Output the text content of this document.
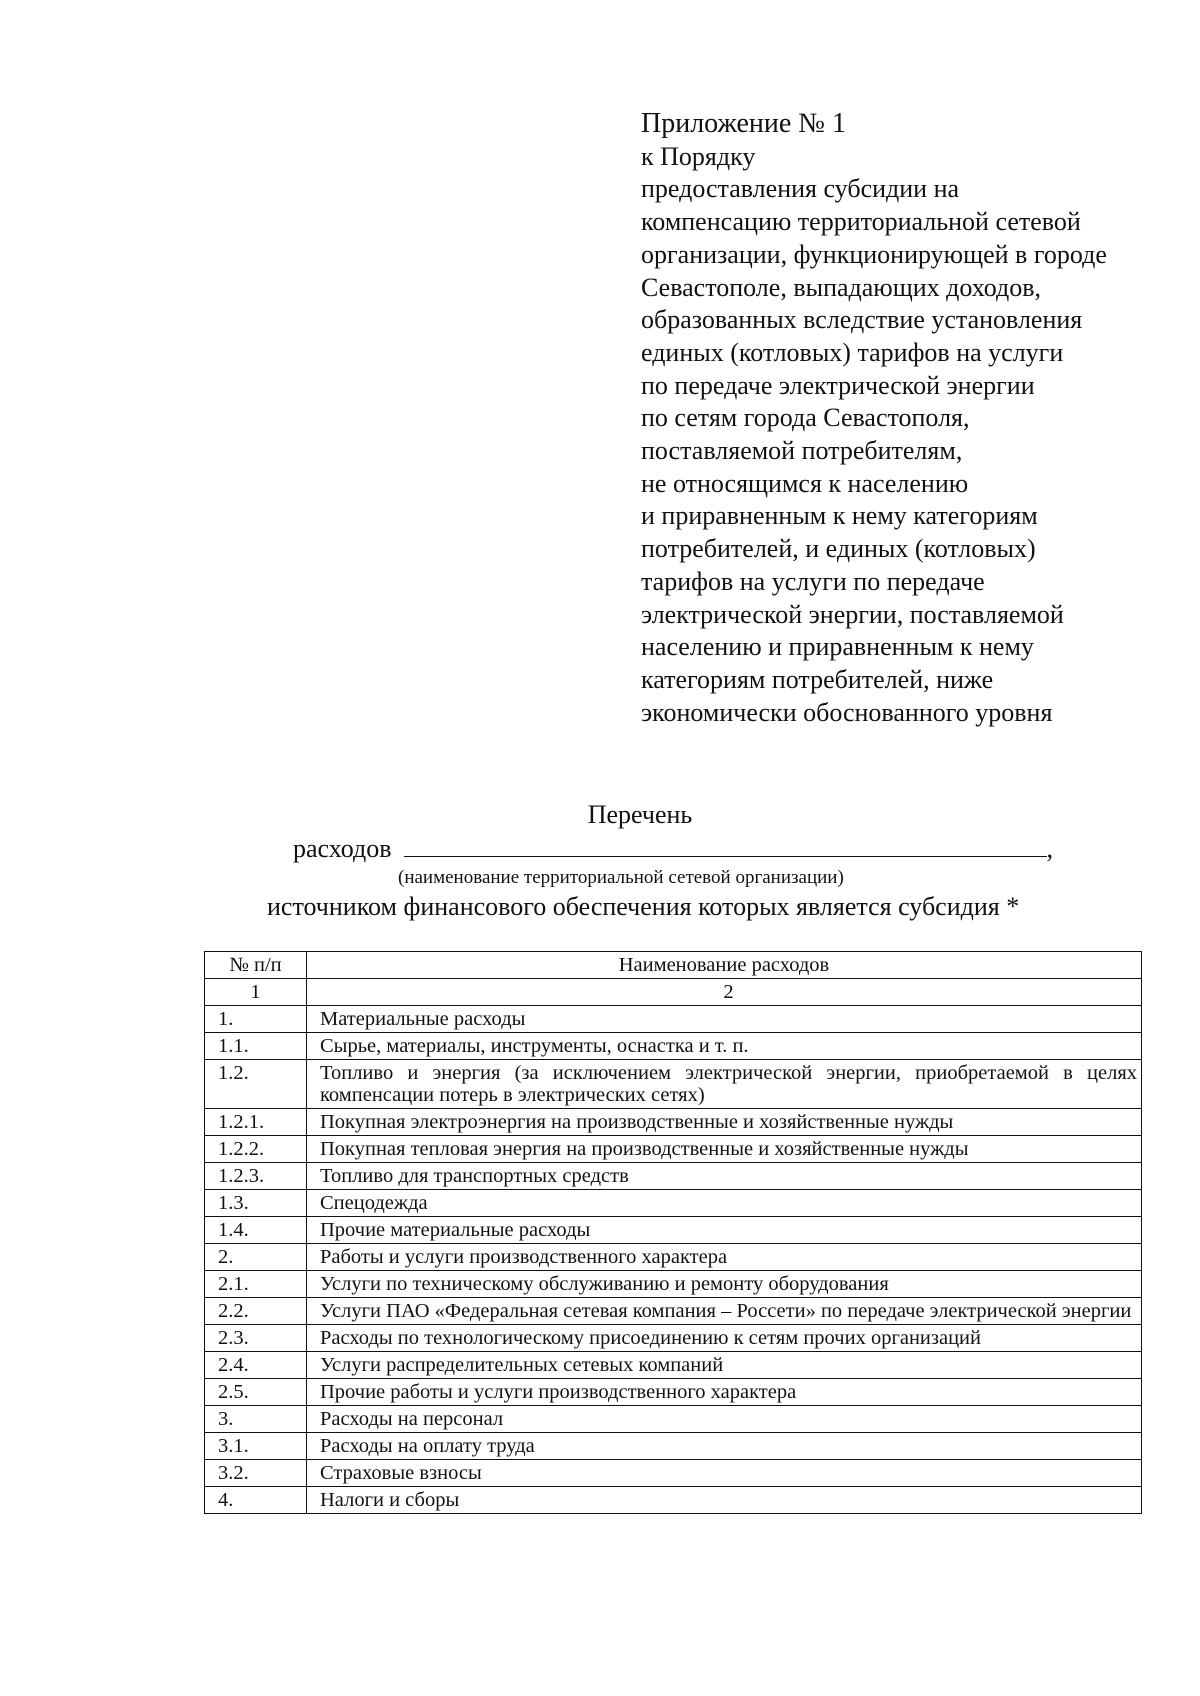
Приложение № 1
к Порядку
предоставления субсидии на
компенсацию территориальной сетевой
организации, функционирующей в городе
Севастополе, выпадающих доходов,
образованных вследствие установления
единых (котловых) тарифов на услуги
по передаче электрической энергии
по сетям города Севастополя,
поставляемой потребителям,
не относящимся к населению
и приравненным к нему категориям
потребителей, и единых (котловых)
тарифов на услуги по передаче
электрической энергии, поставляемой
населению и приравненным к нему
категориям потребителей, ниже
экономически обоснованного уровня
Перечень
расходов	,
(наименование территориальной сетевой организации)
источником финансового обеспечения которых является субсидия *
№ п/п	Наименование расходов
1	2
1.	Материальные расходы
1.1.	Сырье, материалы, инструменты, оснастка и т. п.
1.2.	Топливо и энергия (за исключением электрической энергии, приобретаемой в целях компенсации потерь в электрических сетях)
1.2.1.	Покупная электроэнергия на производственные и хозяйственные нужды
1.2.2.	Покупная тепловая энергия на производственные и хозяйственные нужды
1.2.3.	Топливо для транспортных средств
1.3.	Спецодежда
1.4.	Прочие материальные расходы
2.	Работы и услуги производственного характера
2.1.	Услуги по техническому обслуживанию и ремонту оборудования
2.2.	Услуги ПАО «Федеральная сетевая компания – Россети» по передаче электрической энергии
2.3.	Расходы по технологическому присоединению к сетям прочих организаций
2.4.	Услуги распределительных сетевых компаний
2.5.	Прочие работы и услуги производственного характера
3.	Расходы на персонал
3.1.	Расходы на оплату труда
3.2.	Страховые взносы
4.	Налоги и сборы
